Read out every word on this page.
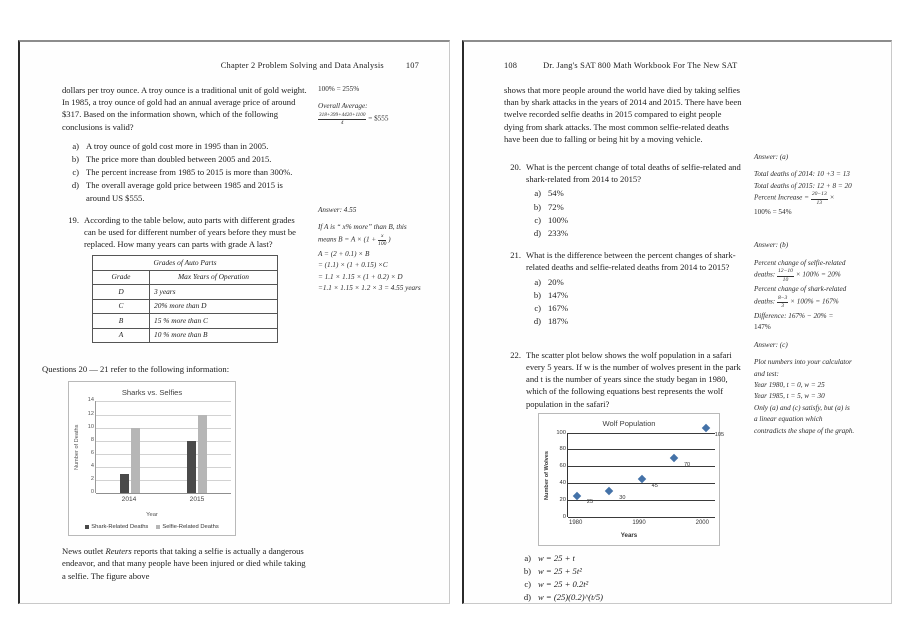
Chapter 2 Problem Solving and Data Analysis	107

dollars per troy ounce. A troy ounce is a traditional unit of gold weight. In 1985, a troy ounce of gold had an annual average price of around $317. Based on the information shown, which of the following conclusions is valid?

a) A troy ounce of gold cost more in 1995 than in 2005.
b) The price more than doubled between 2005 and 2015.
c) The percent increase from 1985 to 2015 is more than 300%.
d) The overall average gold price between 1985 and 2015 is around US $555.
100% = 255%
Overall Average:
$\frac{318+399+4420+1100}{4}$ = $555
19. According to the table below, auto parts with different grades can be used for different number of years before they must be replaced. How many years can parts with grade A last?
Grades of Auto Parts	
Grade	Max Years of Operation
D	3 years
C	20% more than D
B	15 % more than C
A	10 % more than B
Answer: 4.55
If A is “ x% more” than B, this
means $B = A \times (1 + \frac{x}{100}$ )
A = (2 + 0.1) × B
= (1.1) × (1 + 0.15) ×C
= 1.1 × 1.15 × (1 + 0.2) × D
=1.1 × 1.15 × 1.2 × 3 = 4.55 years
Questions 20 — 21 refer to the following information:
Sharks vs. Selfies
Number of Deaths
14
12
10
8
6
4
2
0
2014	2015
Year
Shark-Related Deaths Selfie-Related Deaths

News outlet Reuters reports that taking a selfie is actually a dangerous endeavor, and that many people have been injured or died while taking a selfie. The figure above

108	Dr. Jang's SAT 800 Math Workbook For The New SAT

shows that more people around the world have died by taking selfies than by shark attacks in the years of 2014 and 2015. There have been twelve recorded selfie deaths in 2015 compared to eight people dying from shark attacks. The most common selfie-related deaths have been due to falling or being hit by a moving vehicle.

20. What is the percent change of total deaths of selfie-related and shark-related from 2014 to 2015?
a) 54%
b) 72%
c) 100%
d) 233%
Answer: (a)
Total deaths of 2014: 10 +3 = 13
Total deaths of 2015: 12 + 8 = 20
Percent Increase = $\frac{20-13}{13}$ ×
100% = 54%
21. What is the difference between the percent changes of shark-related deaths and selfie-related deaths from 2014 to 2015?
a) 20%
b) 147%
c) 167%
d) 187%
Answer: (b)
Percent change of selfie-related
deaths: $\frac{12-10}{10} \times 100\% = 20\%$
Percent change of shark-related
deaths: $\frac{8-3}{3} \times 100\% = 167\%$
Difference: 167% − 20% =
147%
22. The scatter plot below shows the wolf population in a safari every 5 years. If w is the number of wolves present in the park and t is the number of years since the study began in 1980, which of the following equations best represents the wolf population in the safari?
Wolf Population
Number of Wolves
100
80
60
40
20
0
25
30
45
70
105
1980	1990	2000
Years
a) w = 25 + t
b) w = 25 + 5t²
c) w = 25 + 0.2t²
d) w = (25)(0.2)^(t/5)
Answer: (c)
Plot numbers into your calculator
and test:
Year 1980, t = 0, w = 25
Year 1985, t = 5, w = 30
Only (a) and (c) satisfy, but (a) is
a linear equation which
contradicts the shape of the graph.
